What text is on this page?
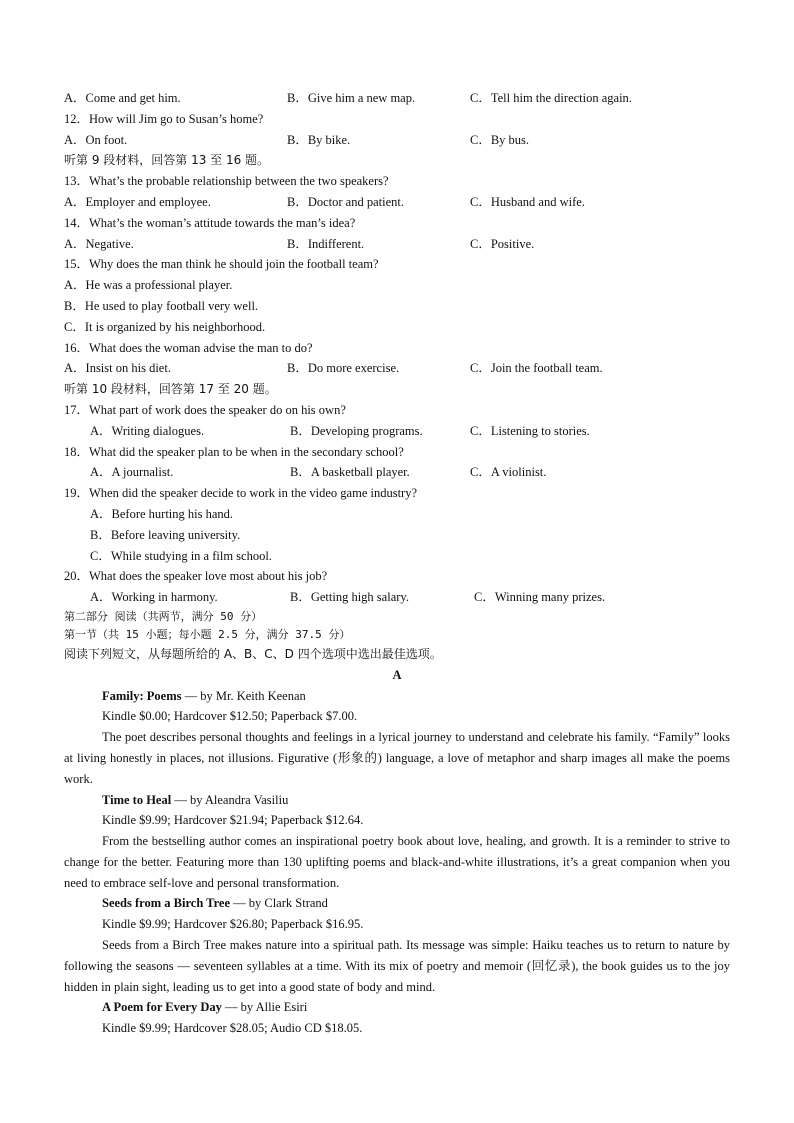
A．Come and get him.	B．Give him a new map.	C．Tell him the direction again.
12．How will Jim go to Susan’s home?
A．On foot.	B．By bike.	C．By bus.
听第 9 段材料，回答第 13 至 16 题。
13．What’s the probable relationship between the two speakers?
A．Employer and employee.	B．Doctor and patient.	C．Husband and wife.
14．What’s the woman’s attitude towards the man’s idea?
A．Negative.	B．Indifferent.	C．Positive.
15．Why does the man think he should join the football team?
A．He was a professional player.
B．He used to play football very well.
C．It is organized by his neighborhood.
16．What does the woman advise the man to do?
A．Insist on his diet.	B．Do more exercise.	C．Join the football team.
听第 10 段材料，回答第 17 至 20 题。
17．What part of work does the speaker do on his own?
A．Writing dialogues.	B．Developing programs.	C．Listening to stories.
18．What did the speaker plan to be when in the secondary school?
A．A journalist.	B．A basketball player.	C．A violinist.
19．When did the speaker decide to work in the video game industry?
A．Before hurting his hand.
B．Before leaving university.
C．While studying in a film school.
20．What does the speaker love most about his job?
A．Working in harmony.	B．Getting high salary.	C．Winning many prizes.
第二部分 阅读（共两节，满分 50 分）
第一节（共 15 小题；每小题 2.5 分，满分 37.5 分）
阅读下列短文，从每题所给的 A、B、C、D 四个选项中选出最佳选项。
A
Family: Poems — by Mr. Keith Keenan
Kindle $0.00; Hardcover $12.50; Paperback $7.00.

The poet describes personal thoughts and feelings in a lyrical journey to understand and celebrate his family. “Family” looks at living honestly in places, not illusions. Figurative (形象的) language, a love of metaphor and sharp images all make the poems work.

Time to Heal — by Aleandra Vasiliu
Kindle $9.99; Hardcover $21.94; Paperback $12.64.

From the bestselling author comes an inspirational poetry book about love, healing, and growth. It is a reminder to strive to change for the better. Featuring more than 130 uplifting poems and black-and-white illustrations, it’s a great companion when you need to embrace self-love and personal transformation.

Seeds from a Birch Tree — by Clark Strand
Kindle $9.99; Hardcover $26.80; Paperback $16.95.

Seeds from a Birch Tree makes nature into a spiritual path. Its message was simple: Haiku teaches us to return to nature by following the seasons — seventeen syllables at a time. With its mix of poetry and memoir (回忆录), the book guides us to the joy hidden in plain sight, leading us to get into a good state of body and mind.

A Poem for Every Day — by Allie Esiri
Kindle $9.99; Hardcover $28.05; Audio CD $18.05.
